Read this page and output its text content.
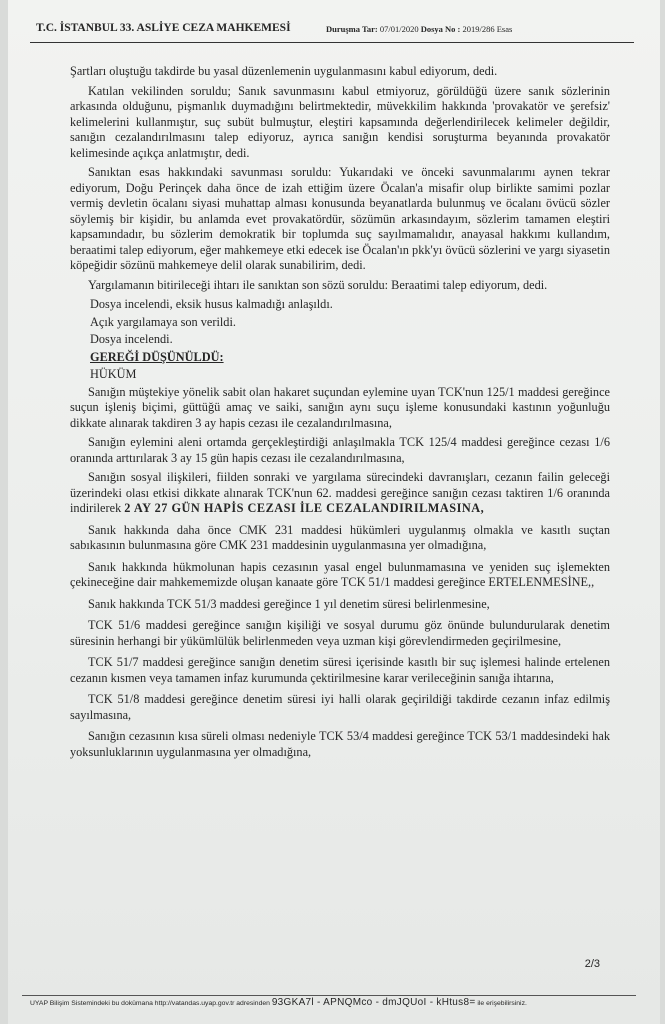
T.C. İSTANBUL 33. ASLİYE CEZA MAHKEMESİ	Duruşma Tar: 07/01/2020 Dosya No : 2019/286 Esas

Şartları oluştuğu takdirde bu yasal düzenlemenin uygulanmasını kabul ediyorum, dedi.

Katılan vekilinden soruldu; Sanık savunmasını kabul etmiyoruz, görüldüğü üzere sanık sözlerinin arkasında olduğunu, pişmanlık duymadığını belirtmektedir, müvekkilim hakkında 'provakatör ve şerefsiz' kelimelerini kullanmıştır, suç subüt bulmuştur, eleştiri kapsamında değerlendirilecek kelimeler değildir, sanığın cezalandırılmasını talep ediyoruz, ayrıca sanığın kendisi soruşturma beyanında provakatör kelimesinde açıkça anlatmıştır, dedi.

Sanıktan esas hakkındaki savunması soruldu: Yukarıdaki ve önceki savunmalarımı aynen tekrar ediyorum, Doğu Perinçek daha önce de izah ettiğim üzere Öcalan'a misafir olup birlikte samimi pozlar vermiş devletin öcalanı siyasi muhattap alması konusunda beyanatlarda bulunmuş ve öcalanı övücü sözler söylemiş bir kişidir, bu anlamda evet provakatördür, sözümün arkasındayım, sözlerim tamamen eleştiri kapsamındadır, bu sözlerim demokratik bir toplumda suç sayılmamalıdır, anayasal hakkımı kullandım, beraatimi talep ediyorum, eğer mahkemeye etki edecek ise Öcalan'ın pkk'yı övücü sözlerini ve yargı siyasetin köpeğidir sözünü mahkemeye delil olarak sunabilirim, dedi.

Yargılamanın bitirileceği ihtarı ile sanıktan son sözü soruldu: Beraatimi talep ediyorum, dedi.

Dosya incelendi, eksik husus kalmadığı anlaşıldı.

Açık yargılamaya son verildi.

Dosya incelendi.

GEREĞİ DÜŞÜNÜLDÜ:

HÜKÜM

Sanığın müştekiye yönelik sabit olan hakaret suçundan eylemine uyan TCK'nun 125/1 maddesi gereğince suçun işleniş biçimi, güttüğü amaç ve saiki, sanığın aynı suçu işleme konusundaki kastının yoğunluğu dikkate alınarak takdiren 3 ay hapis cezası ile cezalandırılmasına,

Sanığın eylemini aleni ortamda gerçekleştirdiği anlaşılmakla TCK 125/4 maddesi gereğince cezası 1/6 oranında arttırılarak 3 ay 15 gün hapis cezası ile cezalandırılmasına,

Sanığın sosyal ilişkileri, fiilden sonraki ve yargılama sürecindeki davranışları, cezanın failin geleceği üzerindeki olası etkisi dikkate alınarak TCK'nun 62. maddesi gereğince sanığın cezası taktiren 1/6 oranında indirilerek 2 AY 27 GÜN HAPİS CEZASI İLE CEZALANDIRILMASINA,

Sanık hakkında daha önce CMK 231 maddesi hükümleri uygulanmış olmakla ve kasıtlı suçtan sabıkasının bulunmasına göre CMK 231 maddesinin uygulanmasına yer olmadığına,

Sanık hakkında hükmolunan hapis cezasının yasal engel bulunmamasına ve yeniden suç işlemekten çekineceğine dair mahkememizde oluşan kanaate göre TCK 51/1 maddesi gereğince ERTELENMESİNE,,

Sanık hakkında TCK 51/3 maddesi gereğince 1 yıl denetim süresi belirlenmesine,

TCK 51/6 maddesi gereğince sanığın kişiliği ve sosyal durumu göz önünde bulundurularak denetim süresinin herhangi bir yükümlülük belirlenmeden veya uzman kişi görevlendirmeden geçirilmesine,

TCK 51/7 maddesi gereğince sanığın denetim süresi içerisinde kasıtlı bir suç işlemesi halinde ertelenen cezanın kısmen veya tamamen infaz kurumunda çektirilmesine karar verileceğinin sanığa ihtarına,

TCK 51/8 maddesi gereğince denetim süresi iyi halli olarak geçirildiği takdirde cezanın infaz edilmiş sayılmasına,

Sanığın cezasının kısa süreli olması nedeniyle TCK 53/4 maddesi gereğince TCK 53/1 maddesindeki hak yoksunluklarının uygulanmasına yer olmadığına,

2/3
UYAP Bilişim Sistemindeki bu dokümana http://vatandas.uyap.gov.tr adresinden 93GKA7l - APNQMco - dmJQUoI - kHtus8= ile erişebilirsiniz.
